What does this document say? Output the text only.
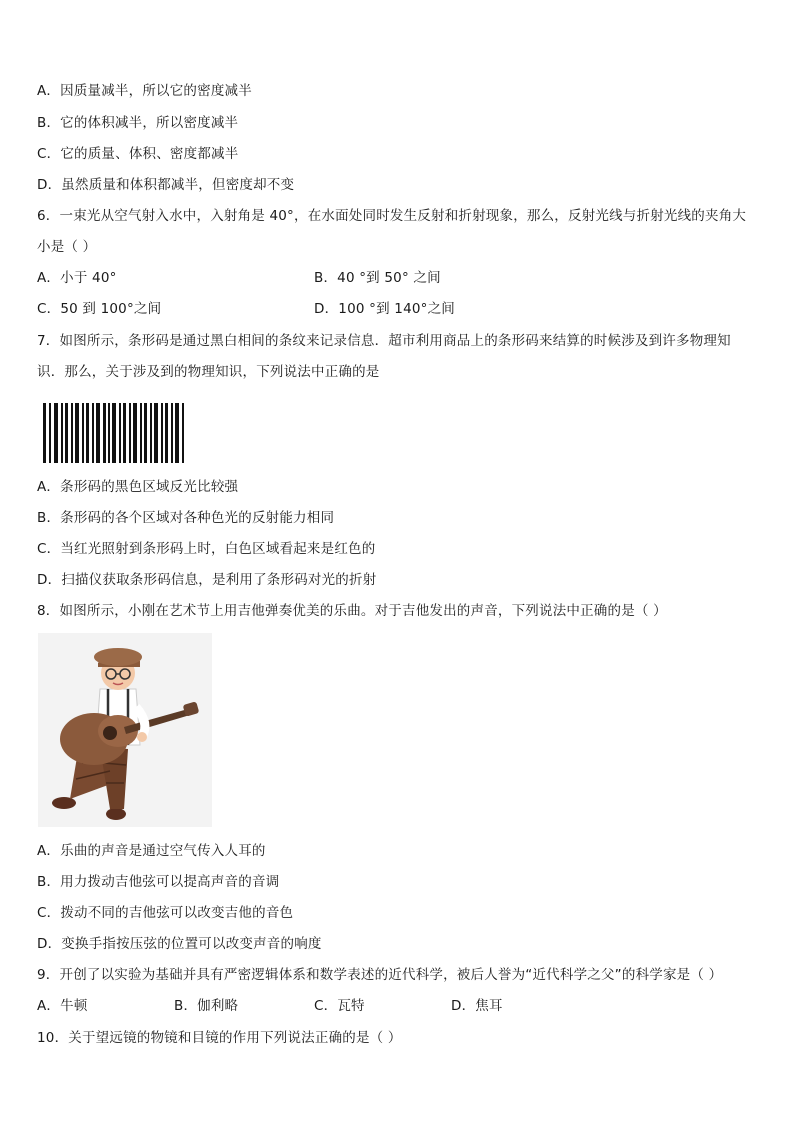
A．因质量减半，所以它的密度减半
B．它的体积减半，所以密度减半
C．它的质量、体积、密度都减半
D．虽然质量和体积都减半，但密度却不变
6．一束光从空气射入水中，入射角是 40°，在水面处同时发生反射和折射现象，那么，反射光线与折射光线的夹角大
小是（ ）
A．小于 40°	B．40 °到 50° 之间
C．50 到 100°之间	D．100 °到 140°之间
7．如图所示，条形码是通过黑白相间的条纹来记录信息．超市利用商品上的条形码来结算的时候涉及到许多物理知
识．那么，关于涉及到的物理知识，下列说法中正确的是
A．条形码的黑色区域反光比较强
B．条形码的各个区域对各种色光的反射能力相同
C．当红光照射到条形码上时，白色区域看起来是红色的
D．扫描仪获取条形码信息，是利用了条形码对光的折射
8．如图所示，小刚在艺术节上用吉他弹奏优美的乐曲。对于吉他发出的声音，下列说法中正确的是（ ）
A．乐曲的声音是通过空气传入人耳的
B．用力拨动吉他弦可以提高声音的音调
C．拨动不同的吉他弦可以改变吉他的音色
D．变换手指按压弦的位置可以改变声音的响度
9．开创了以实验为基础并具有严密逻辑体系和数学表述的近代科学，被后人誉为“近代科学之父”的科学家是（ ）
A．牛顿	B．伽利略	C．瓦特	D．焦耳
10．关于望远镜的物镜和目镜的作用下列说法正确的是（ ）
